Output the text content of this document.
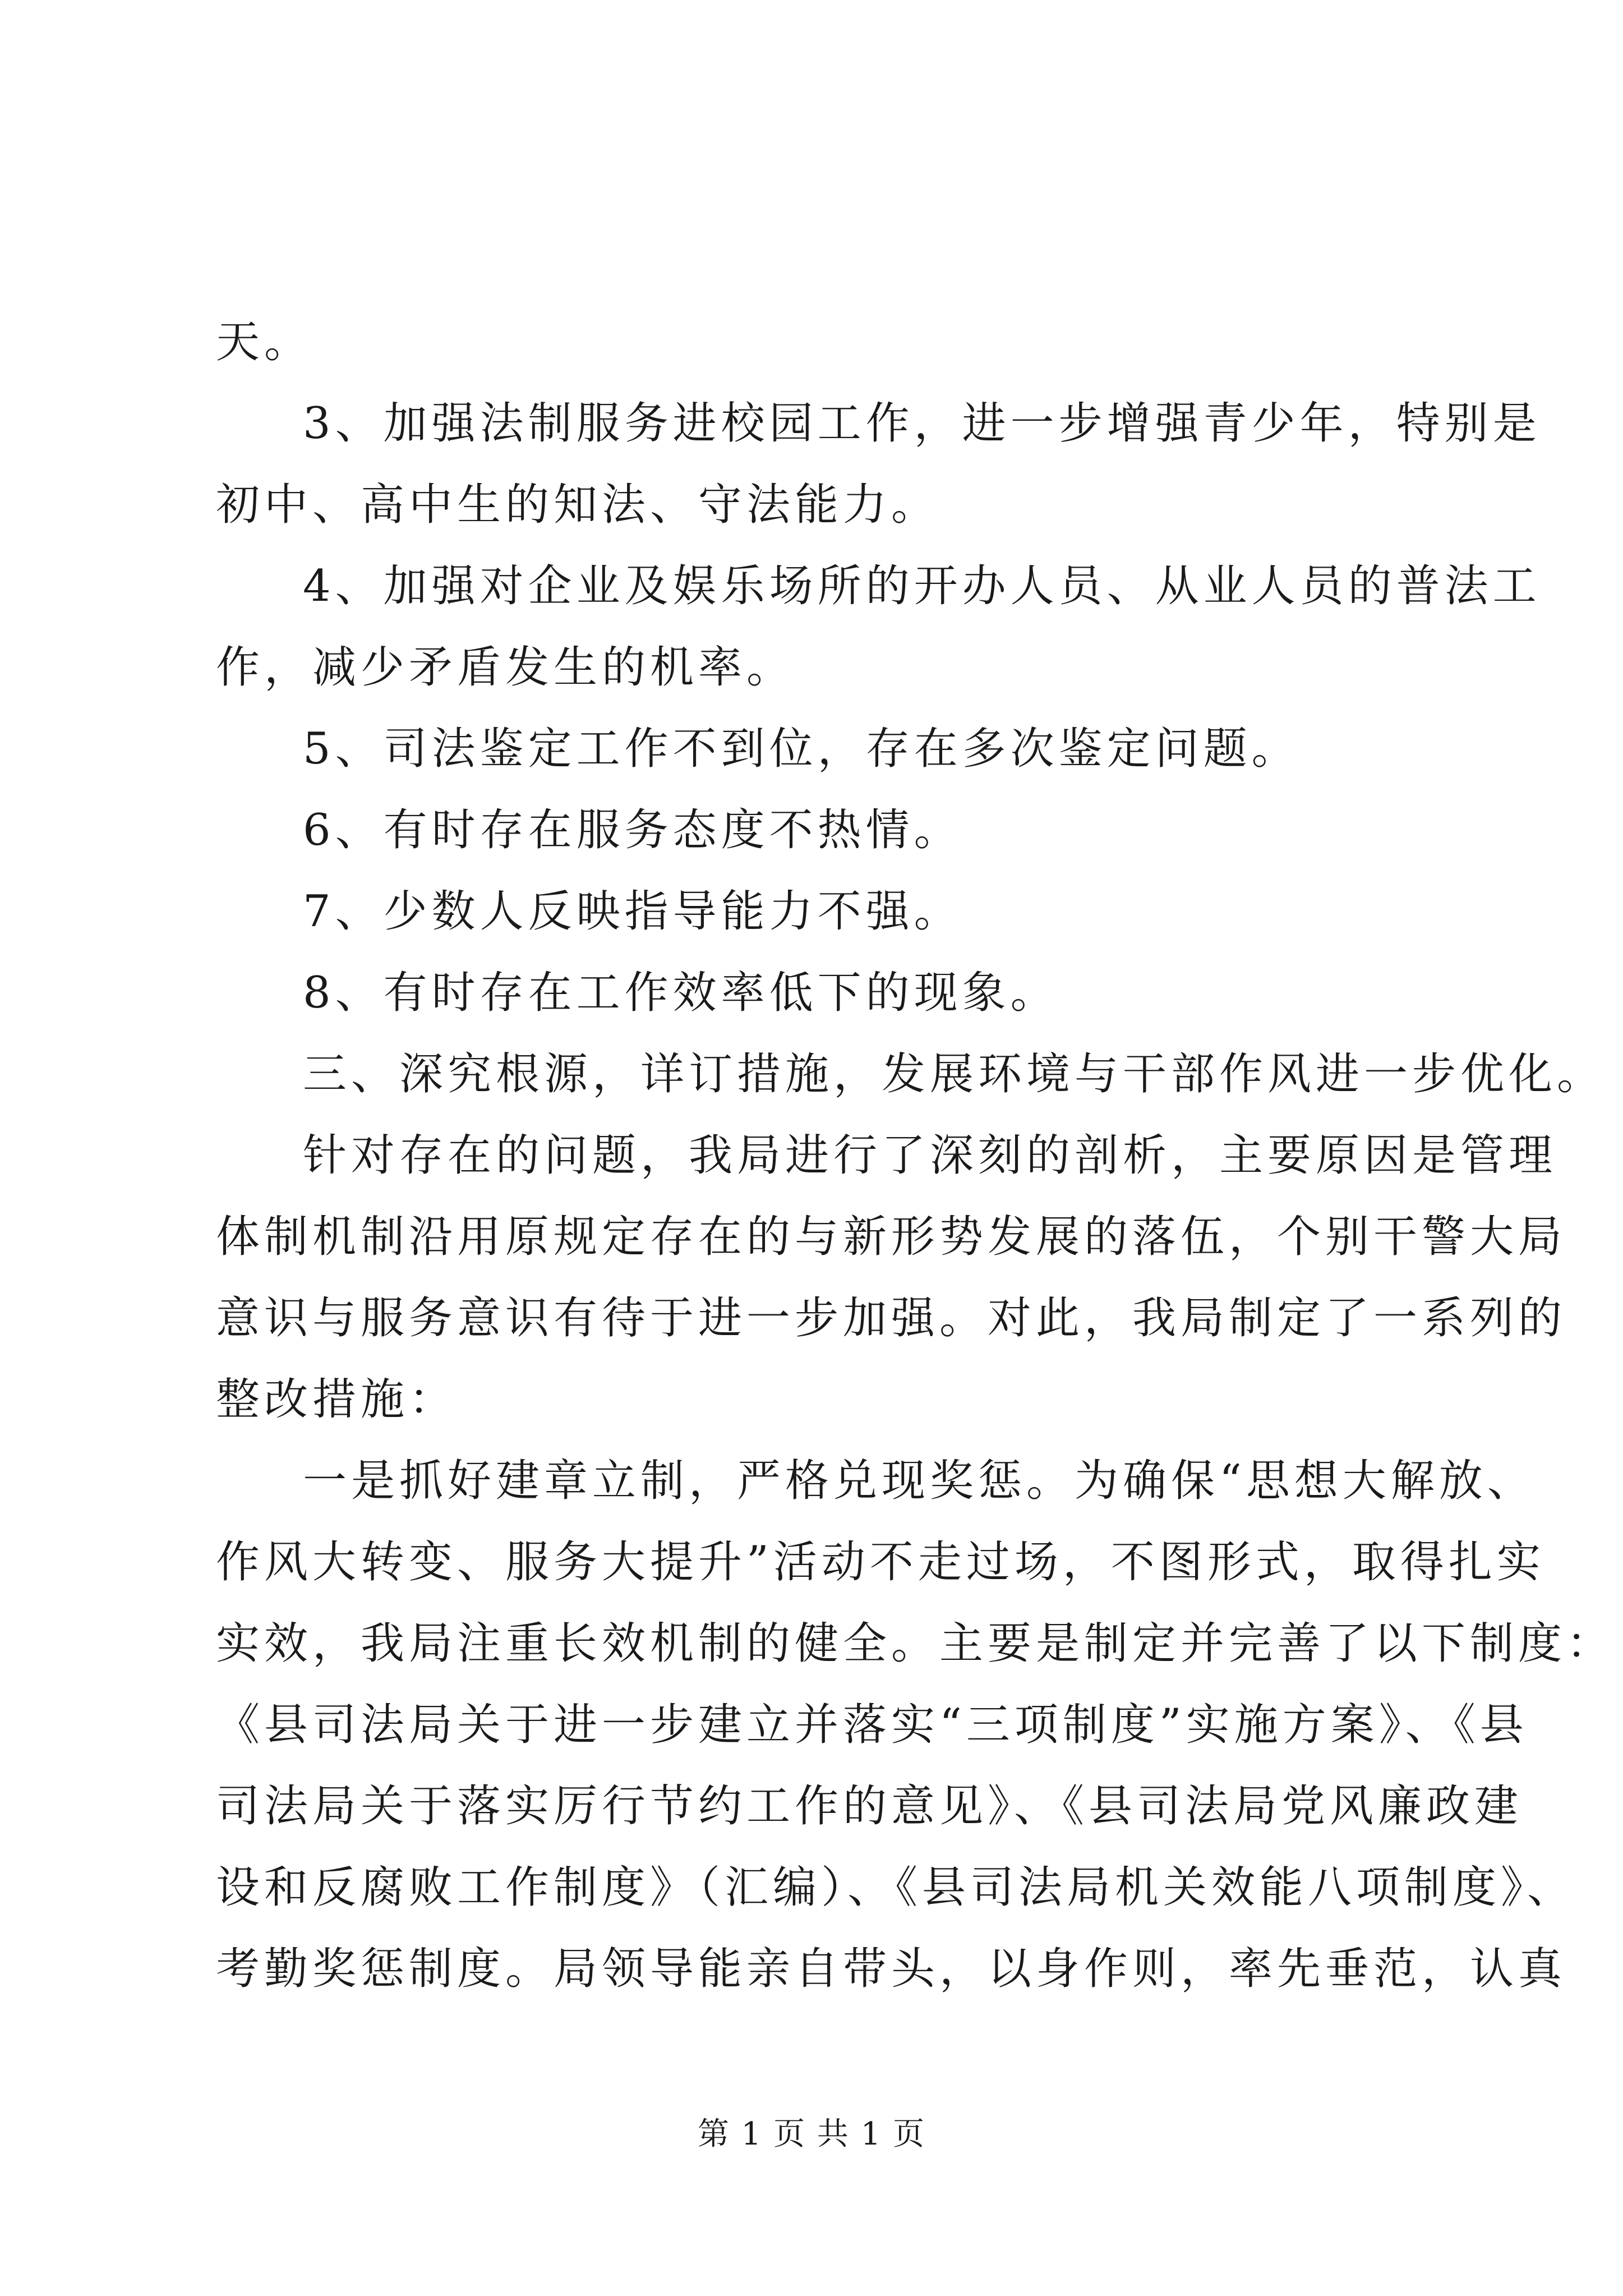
天。
3、加强法制服务进校园工作，进一步增强青少年，特别是
初中、高中生的知法、守法能力。
4、加强对企业及娱乐场所的开办人员、从业人员的普法工
作，减少矛盾发生的机率。
5、司法鉴定工作不到位，存在多次鉴定问题。
6、有时存在服务态度不热情。
7、少数人反映指导能力不强。
8、有时存在工作效率低下的现象。
三、深究根源，详订措施，发展环境与干部作风进一步优化。
针对存在的问题，我局进行了深刻的剖析，主要原因是管理
体制机制沿用原规定存在的与新形势发展的落伍，个别干警大局
意识与服务意识有待于进一步加强。对此，我局制定了一系列的
整改措施：
一是抓好建章立制，严格兑现奖惩。为确保“思想大解放、
作风大转变、服务大提升”活动不走过场，不图形式，取得扎实
实效，我局注重长效机制的健全。主要是制定并完善了以下制度：
《县司法局关于进一步建立并落实“三项制度”实施方案》、《县
司法局关于落实厉行节约工作的意见》、《县司法局党风廉政建
设和反腐败工作制度》（汇编）、《县司法局机关效能八项制度》、
考勤奖惩制度。局领导能亲自带头，以身作则，率先垂范，认真
第 1 页 共 1 页
